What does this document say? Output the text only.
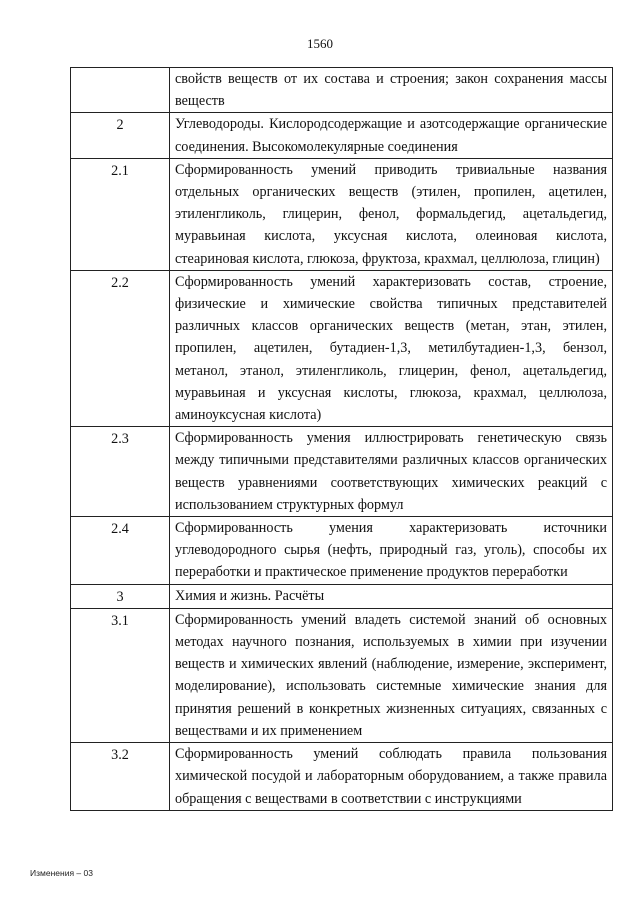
1560
	свойств веществ от их состава и строения; закон сохранения массы веществ
2	Углеводороды. Кислородсодержащие и азотсодержащие органические соединения. Высокомолекулярные соединения
2.1	Сформированность умений приводить тривиальные названия отдельных органических веществ (этилен, пропилен, ацетилен, этиленгликоль, глицерин, фенол, формальдегид, ацетальдегид, муравьиная кислота, уксусная кислота, олеиновая кислота, стеариновая кислота, глюкоза, фруктоза, крахмал, целлюлоза, глицин)
2.2	Сформированность умений характеризовать состав, строение, физические и химические свойства типичных представителей различных классов органических веществ (метан, этан, этилен, пропилен, ацетилен, бутадиен-1,3, метилбутадиен-1,3, бензол, метанол, этанол, этиленгликоль, глицерин, фенол, ацетальдегид, муравьиная и уксусная кислоты, глюкоза, крахмал, целлюлоза, аминоуксусная кислота)
2.3	Сформированность умения иллюстрировать генетическую связь между типичными представителями различных классов органических веществ уравнениями соответствующих химических реакций с использованием структурных формул
2.4	Сформированность умения характеризовать источники углеводородного сырья (нефть, природный газ, уголь), способы их переработки и практическое применение продуктов переработки
3	Химия и жизнь. Расчёты
3.1	Сформированность умений владеть системой знаний об основных методах научного познания, используемых в химии при изучении веществ и химических явлений (наблюдение, измерение, эксперимент, моделирование), использовать системные химические знания для принятия решений в конкретных жизненных ситуациях, связанных с веществами и их применением
3.2	Сформированность умений соблюдать правила пользования химической посудой и лабораторным оборудованием, а также правила обращения с веществами в соответствии с инструкциями
Изменения – 03
